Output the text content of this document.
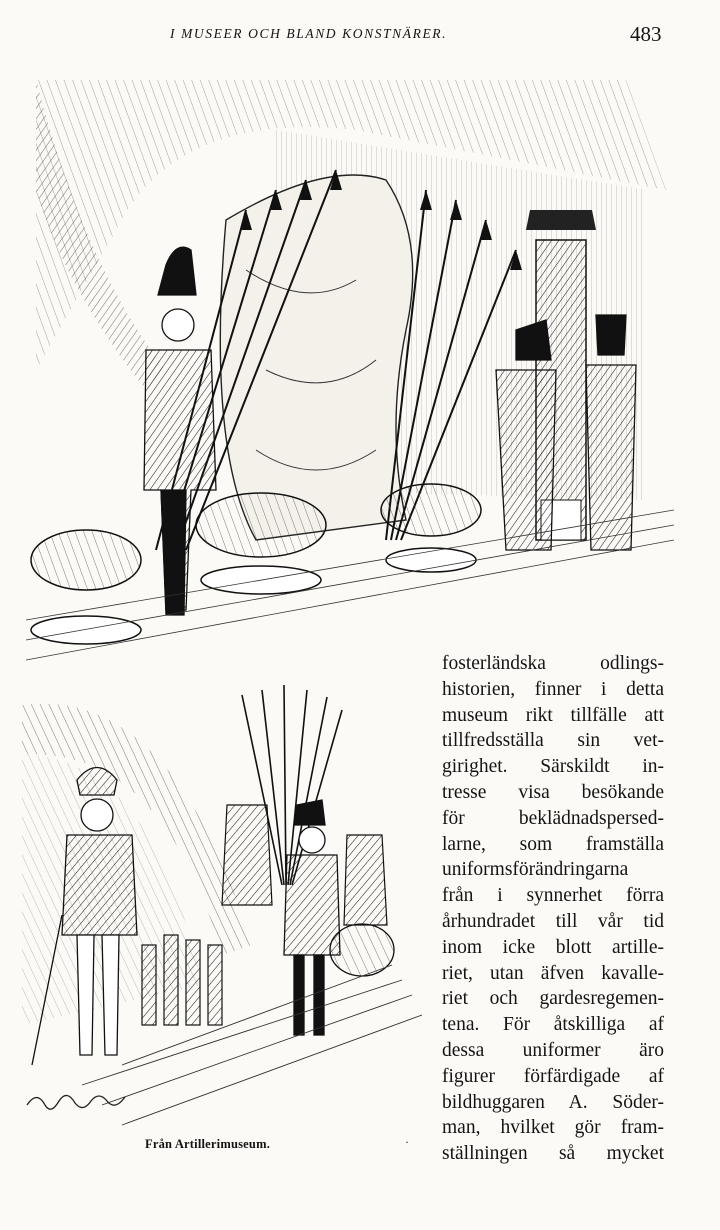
I MUSEER OCH BLAND KONSTNÄRER.	483
Från Artillerimuseum.	·
fosterländska odlings-
historien, finner i detta
museum rikt tillfälle att
tillfredsställa sin vet-
girighet. Särskildt in-
tresse visa besökande
för beklädnadspersed-
larne, som framställa
uniformsförändringarna
från i synnerhet förra
århundradet till vår tid
inom icke blott artille-
riet, utan äfven kavalle-
riet och gardesregemen-
tena. För åtskilliga af
dessa uniformer äro
figurer förfärdigade af
bildhuggaren A. Söder-
man, hvilket gör fram-
ställningen så mycket
